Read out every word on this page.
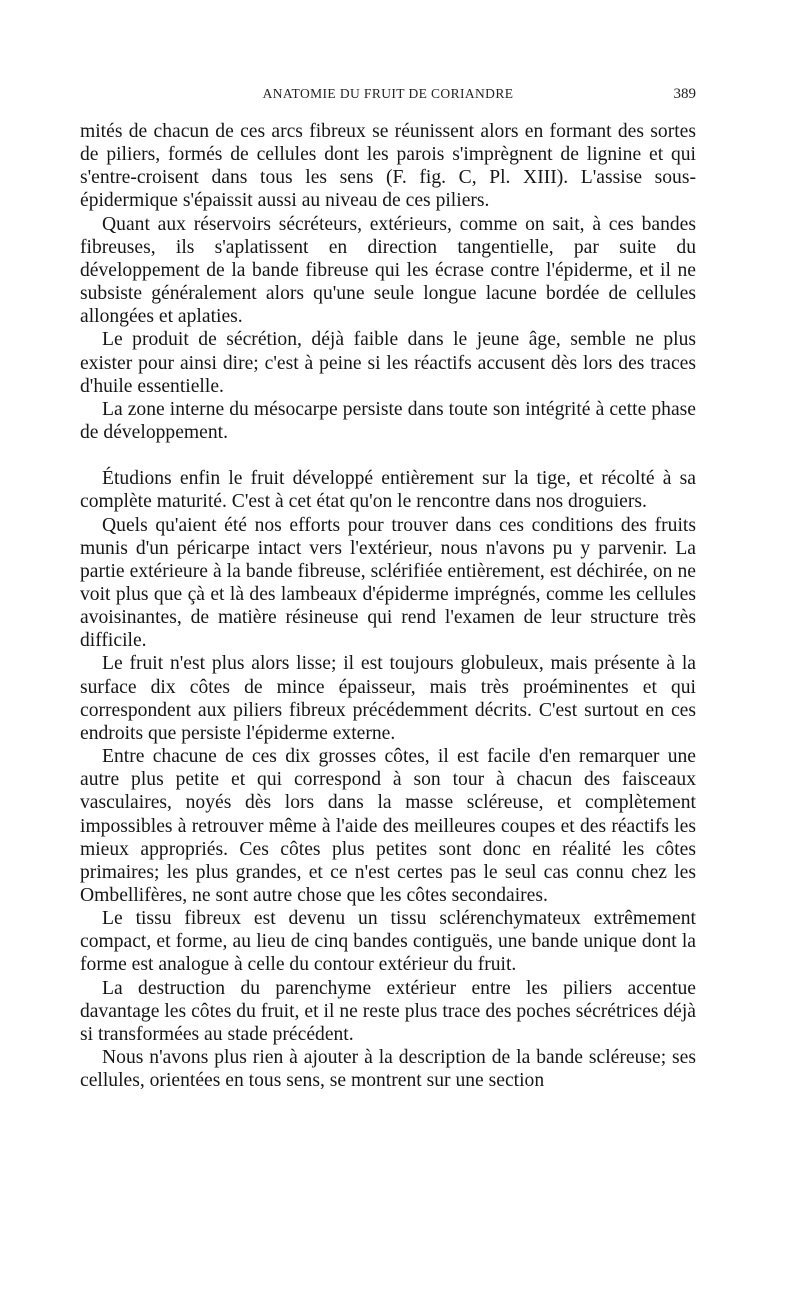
ANATOMIE DU FRUIT DE CORIANDRE	389

mités de chacun de ces arcs fibreux se réunissent alors en formant des sortes de piliers, formés de cellules dont les parois s'imprègnent de lignine et qui s'entre-croisent dans tous les sens (F. fig. C, Pl. XIII). L'assise sous-épidermique s'épaissit aussi au niveau de ces piliers.

Quant aux réservoirs sécréteurs, extérieurs, comme on sait, à ces bandes fibreuses, ils s'aplatissent en direction tangentielle, par suite du développement de la bande fibreuse qui les écrase contre l'épiderme, et il ne subsiste généralement alors qu'une seule longue lacune bordée de cellules allongées et aplaties.

Le produit de sécrétion, déjà faible dans le jeune âge, semble ne plus exister pour ainsi dire; c'est à peine si les réactifs accusent dès lors des traces d'huile essentielle.

La zone interne du mésocarpe persiste dans toute son intégrité à cette phase de développement.

Étudions enfin le fruit développé entièrement sur la tige, et récolté à sa complète maturité. C'est à cet état qu'on le rencontre dans nos droguiers.

Quels qu'aient été nos efforts pour trouver dans ces conditions des fruits munis d'un péricarpe intact vers l'extérieur, nous n'avons pu y parvenir. La partie extérieure à la bande fibreuse, sclérifiée entièrement, est déchirée, on ne voit plus que çà et là des lambeaux d'épiderme imprégnés, comme les cellules avoisinantes, de matière résineuse qui rend l'examen de leur structure très difficile.

Le fruit n'est plus alors lisse; il est toujours globuleux, mais présente à la surface dix côtes de mince épaisseur, mais très proéminentes et qui correspondent aux piliers fibreux précédemment décrits. C'est surtout en ces endroits que persiste l'épiderme externe.

Entre chacune de ces dix grosses côtes, il est facile d'en remarquer une autre plus petite et qui correspond à son tour à chacun des faisceaux vasculaires, noyés dès lors dans la masse scléreuse, et complètement impossibles à retrouver même à l'aide des meilleures coupes et des réactifs les mieux appropriés. Ces côtes plus petites sont donc en réalité les côtes primaires; les plus grandes, et ce n'est certes pas le seul cas connu chez les Ombellifères, ne sont autre chose que les côtes secondaires.

Le tissu fibreux est devenu un tissu sclérenchymateux extrêmement compact, et forme, au lieu de cinq bandes contiguës, une bande unique dont la forme est analogue à celle du contour extérieur du fruit.

La destruction du parenchyme extérieur entre les piliers accentue davantage les côtes du fruit, et il ne reste plus trace des poches sécrétrices déjà si transformées au stade précédent.

Nous n'avons plus rien à ajouter à la description de la bande scléreuse; ses cellules, orientées en tous sens, se montrent sur une section
